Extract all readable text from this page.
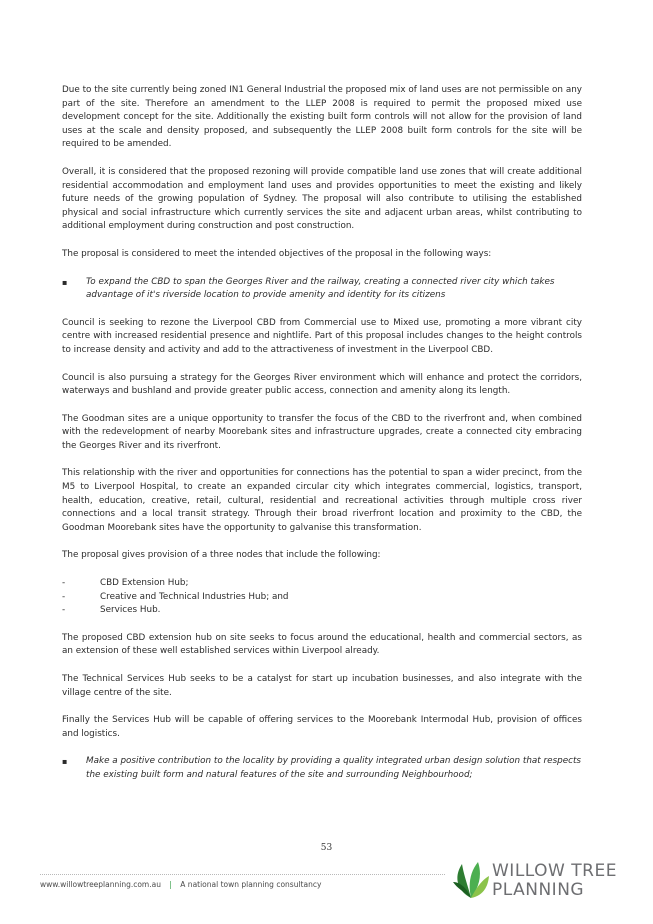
Due to the site currently being zoned IN1 General Industrial the proposed mix of land uses are not permissible on any part of the site. Therefore an amendment to the LLEP 2008 is required to permit the proposed mixed use development concept for the site. Additionally the existing built form controls will not allow for the provision of land uses at the scale and density proposed, and subsequently the LLEP 2008 built form controls for the site will be required to be amended.

Overall, it is considered that the proposed rezoning will provide compatible land use zones that will create additional residential accommodation and employment land uses and provides opportunities to meet the existing and likely future needs of the growing population of Sydney. The proposal will also contribute to utilising the established physical and social infrastructure which currently services the site and adjacent urban areas, whilst contributing to additional employment during construction and post construction.

The proposal is considered to meet the intended objectives of the proposal in the following ways:

▪	To expand the CBD to span the Georges River and the railway, creating a connected river city which takes advantage of it's riverside location to provide amenity and identity for its citizens

Council is seeking to rezone the Liverpool CBD from Commercial use to Mixed use, promoting a more vibrant city centre with increased residential presence and nightlife. Part of this proposal includes changes to the height controls to increase density and activity and add to the attractiveness of investment in the Liverpool CBD.

Council is also pursuing a strategy for the Georges River environment which will enhance and protect the corridors, waterways and bushland and provide greater public access, connection and amenity along its length.

The Goodman sites are a unique opportunity to transfer the focus of the CBD to the riverfront and, when combined with the redevelopment of nearby Moorebank sites and infrastructure upgrades, create a connected city embracing the Georges River and its riverfront.

This relationship with the river and opportunities for connections has the potential to span a wider precinct, from the M5 to Liverpool Hospital, to create an expanded circular city which integrates commercial, logistics, transport, health, education, creative, retail, cultural, residential and recreational activities through multiple cross river connections and a local transit strategy. Through their broad riverfront location and proximity to the CBD, the Goodman Moorebank sites have the opportunity to galvanise this transformation.

The proposal gives provision of a three nodes that include the following:

-	CBD Extension Hub;
-	Creative and Technical Industries Hub; and
-	Services Hub.

The proposed CBD extension hub on site seeks to focus around the educational, health and commercial sectors, as an extension of these well established services within Liverpool already.

The Technical Services Hub seeks to be a catalyst for start up incubation businesses, and also integrate with the village centre of the site.

Finally the Services Hub will be capable of offering services to the Moorebank Intermodal Hub, provision of offices and logistics.

▪	Make a positive contribution to the locality by providing a quality integrated urban design solution that respects the existing built form and natural features of the site and surrounding Neighbourhood;
53
www.willowtreeplanning.com.au | A national town planning consultancy
WILLOW TREE
PLANNING
